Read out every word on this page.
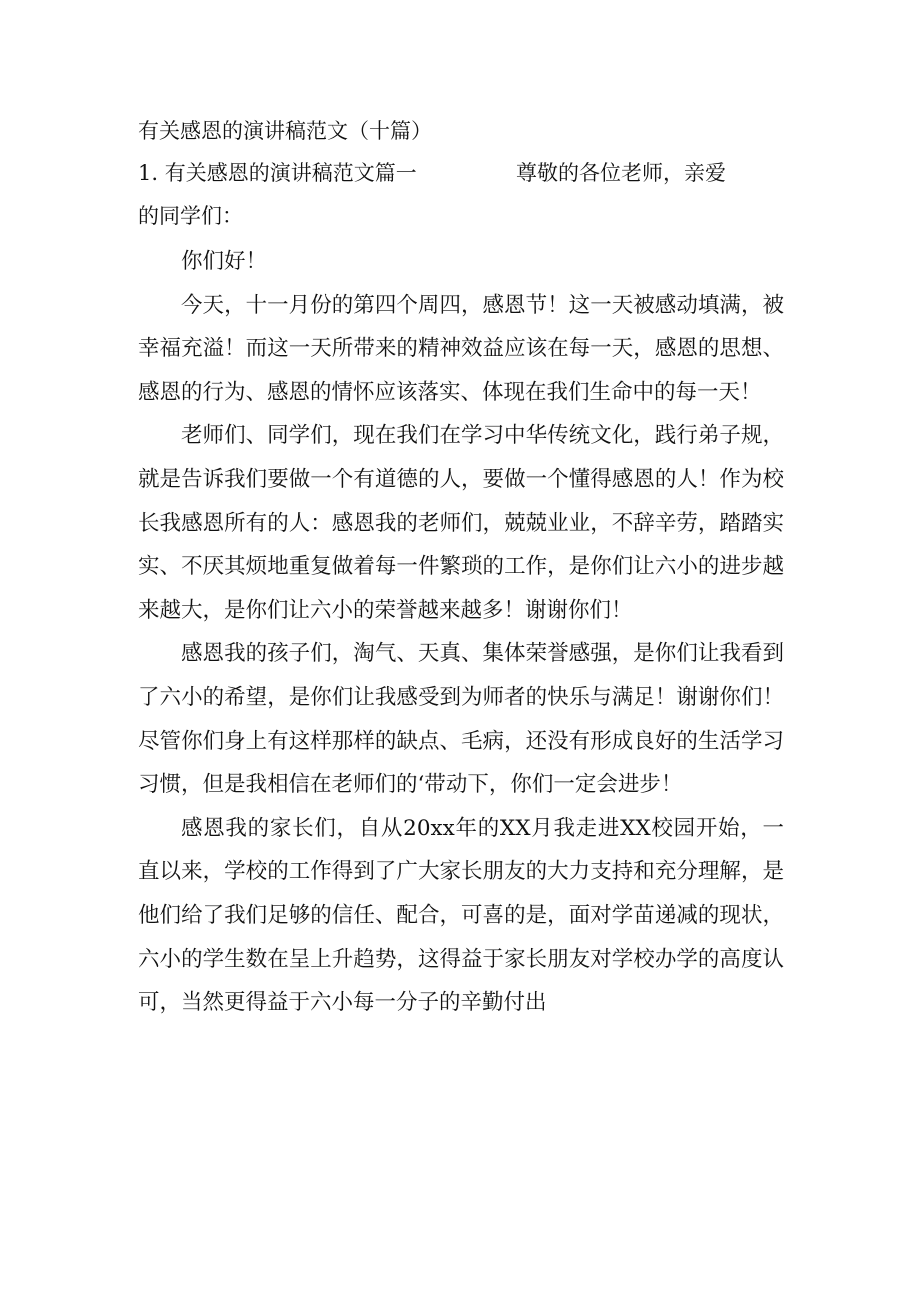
有关感恩的演讲稿范文（十篇）
1. 有关感恩的演讲稿范文篇一	尊敬的各位老师，亲爱
的同学们：

你们好！

今天，十一月份的第四个周四，感恩节！这一天被感动填满，被幸福充溢！而这一天所带来的精神效益应该在每一天，感恩的思想、感恩的行为、感恩的情怀应该落实、体现在我们生命中的每一天！

老师们、同学们，现在我们在学习中华传统文化，践行弟子规，就是告诉我们要做一个有道德的人，要做一个懂得感恩的人！作为校长我感恩所有的人：感恩我的老师们，兢兢业业，不辞辛劳，踏踏实实、不厌其烦地重复做着每一件繁琐的工作，是你们让六小的进步越来越大，是你们让六小的荣誉越来越多！谢谢你们！

感恩我的孩子们，淘气、天真、集体荣誉感强，是你们让我看到了六小的希望，是你们让我感受到为师者的快乐与满足！谢谢你们！尽管你们身上有这样那样的缺点、毛病，还没有形成良好的生活学习习惯，但是我相信在老师们的‘带动下，你们一定会进步！

感恩我的家长们，自从20xx年的XX月我走进XX校园开始，一直以来，学校的工作得到了广大家长朋友的大力支持和充分理解，是他们给了我们足够的信任、配合，可喜的是，面对学苗递减的现状，六小的学生数在呈上升趋势，这得益于家长朋友对学校办学的高度认可，当然更得益于六小每一分子的辛勤付出
